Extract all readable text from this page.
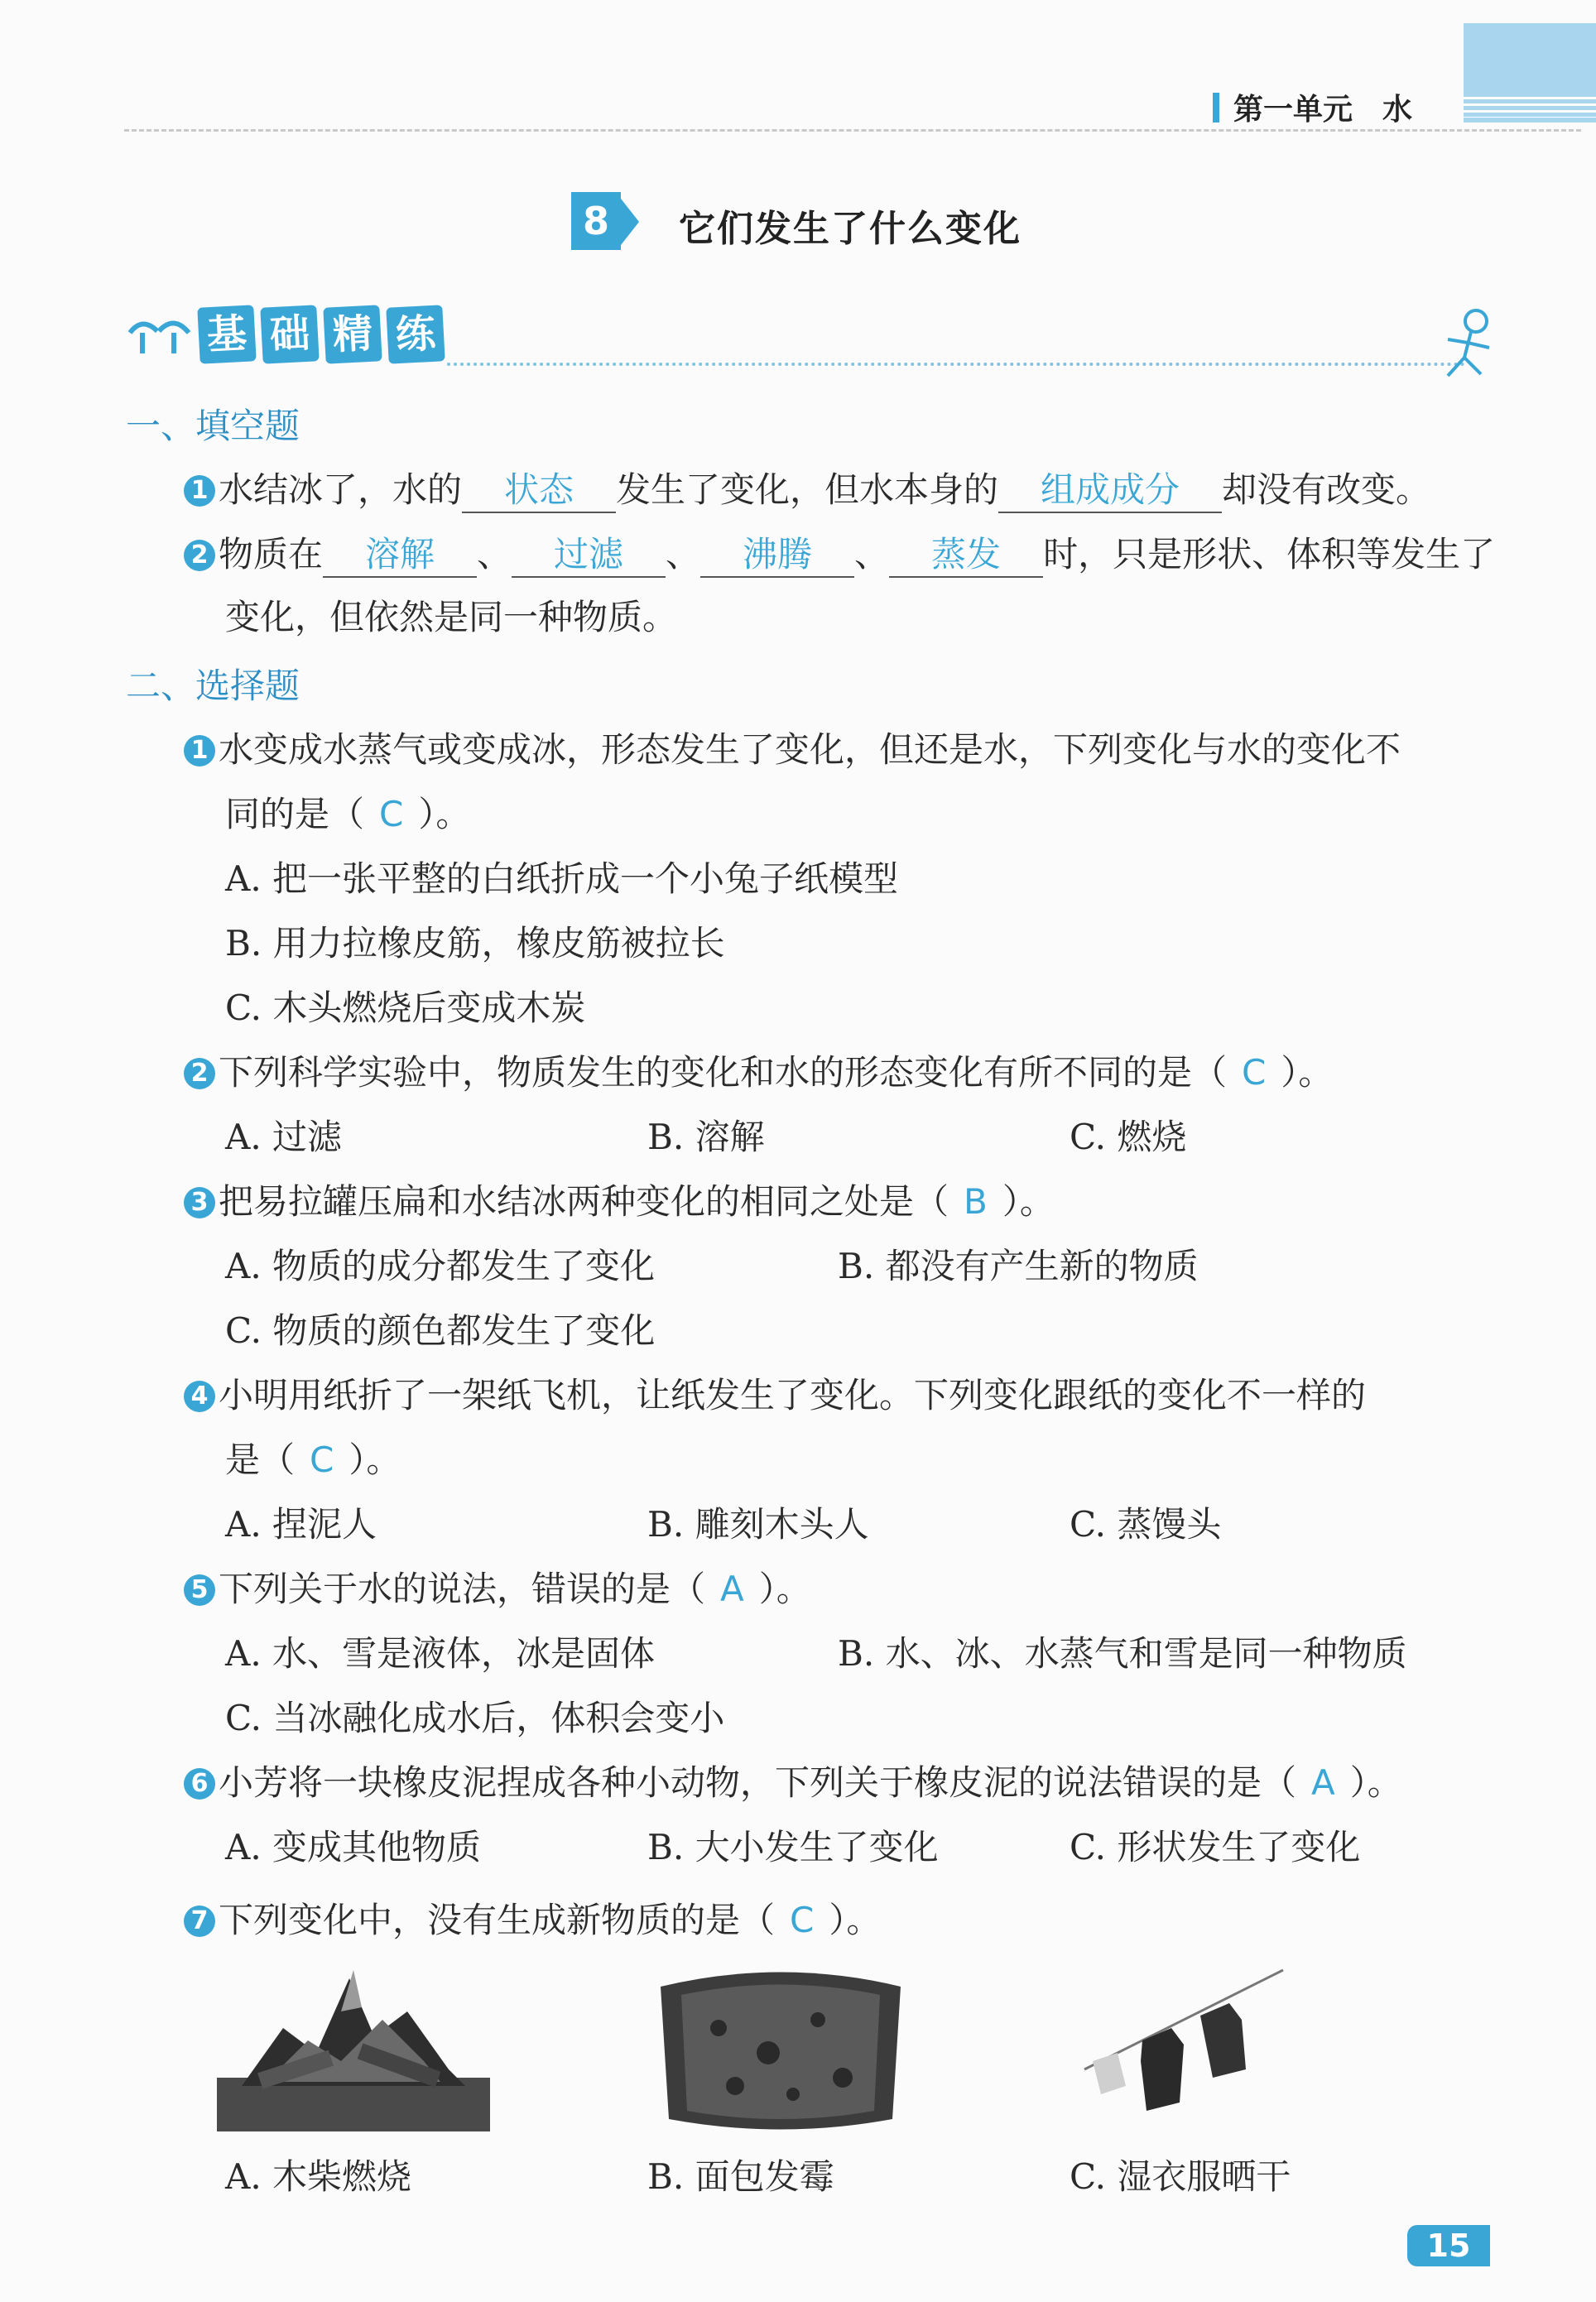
第一单元　水
8	它们发生了什么变化
基 础 精 练
一、填空题
1 水结冰了，水的 状态 发生了变化，但水本身的 组成成分 却没有改变。
2 物质在 溶解 、 过滤 、 沸腾 、 蒸发 时，只是形状、体积等发生了
变化，但依然是同一种物质。
二、选择题
1 水变成水蒸气或变成冰，形态发生了变化，但还是水，下列变化与水的变化不
同的是（ C ）。
A. 把一张平整的白纸折成一个小兔子纸模型
B. 用力拉橡皮筋，橡皮筋被拉长
C. 木头燃烧后变成木炭
2 下列科学实验中，物质发生的变化和水的形态变化有所不同的是（ C ）。
A. 过滤	B. 溶解	C. 燃烧
3 把易拉罐压扁和水结冰两种变化的相同之处是（ B ）。
A. 物质的成分都发生了变化	B. 都没有产生新的物质
C. 物质的颜色都发生了变化
4 小明用纸折了一架纸飞机，让纸发生了变化。下列变化跟纸的变化不一样的
是（ C ）。
A. 捏泥人	B. 雕刻木头人	C. 蒸馒头
5 下列关于水的说法，错误的是（ A ）。
A. 水、雪是液体，冰是固体	B. 水、冰、水蒸气和雪是同一种物质
C. 当冰融化成水后，体积会变小
6 小芳将一块橡皮泥捏成各种小动物，下列关于橡皮泥的说法错误的是（ A ）。
A. 变成其他物质	B. 大小发生了变化	C. 形状发生了变化
7 下列变化中，没有生成新物质的是（ C ）。
A. 木柴燃烧	B. 面包发霉	C. 湿衣服晒干
15
